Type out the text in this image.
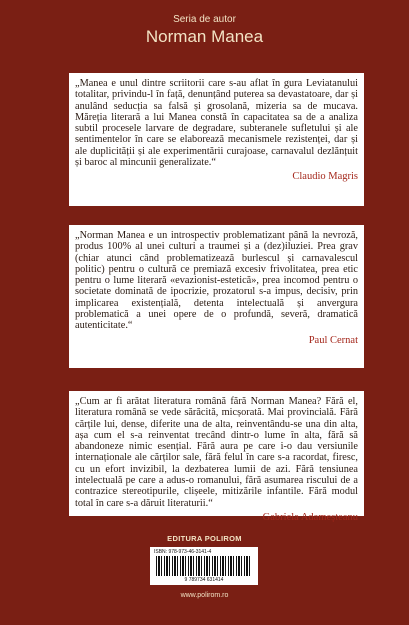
Seria de autor
Norman Manea

„Manea e unul dintre scriitorii care s-au aflat în gura Leviatanului totalitar, privindu-l în față, denunțând puterea sa devastatoare, dar și anulând seducția sa falsă și grosolană, mizeria sa de mucava. Măreția literară a lui Manea constă în capacitatea sa de a analiza subtil procesele larvare de degradare, subteranele sufletului și ale sentimentelor în care se elaborează mecanismele rezistenței, dar și ale duplicității și ale experimentării curajoase, carnavalul dezlănțuit și baroc al mincunii generalizate.“

Claudio Magris

„Norman Manea e un introspectiv problematizant până la nevroză, produs 100% al unei culturi a traumei și a (dez)iluziei. Prea grav (chiar atunci când problematizează burlescul și carnavalescul politic) pentru o cultură ce premiază excesiv frivolitatea, prea etic pentru o lume literară «evazionist-estetică», prea incomod pentru o societate dominată de ipocrizie, prozatorul s-a impus, decisiv, prin implicarea existențială, detenta intelectuală și anvergura problematică a unei opere de o profundă, severă, dramatică autenticitate.“

Paul Cernat

„Cum ar fi arătat literatura română fără Norman Manea? Fără el, literatura română se vede sărăcită, micșorată. Mai provincială. Fără cărțile lui, dense, diferite una de alta, reinventându-se una din alta, așa cum el s-a reinventat trecând dintr-o lume în alta, fără să abandoneze nimic esențial. Fără aura pe care i-o dau versiunile internaționale ale cărților sale, fără felul în care s-a racordat, firesc, cu un efort invizibil, la dezbaterea lumii de azi. Fără tensiunea intelectuală pe care a adus-o romanului, fără asumarea riscului de a contrazice stereotipurile, clișeele, mitizările infantile. Fără modul total în care s-a dăruit literaturii.“

Gabriela Adameșteanu
EDITURA POLIROM
ISBN: 978-973-46-3141-4
9 789734 631414
www.polirom.ro
